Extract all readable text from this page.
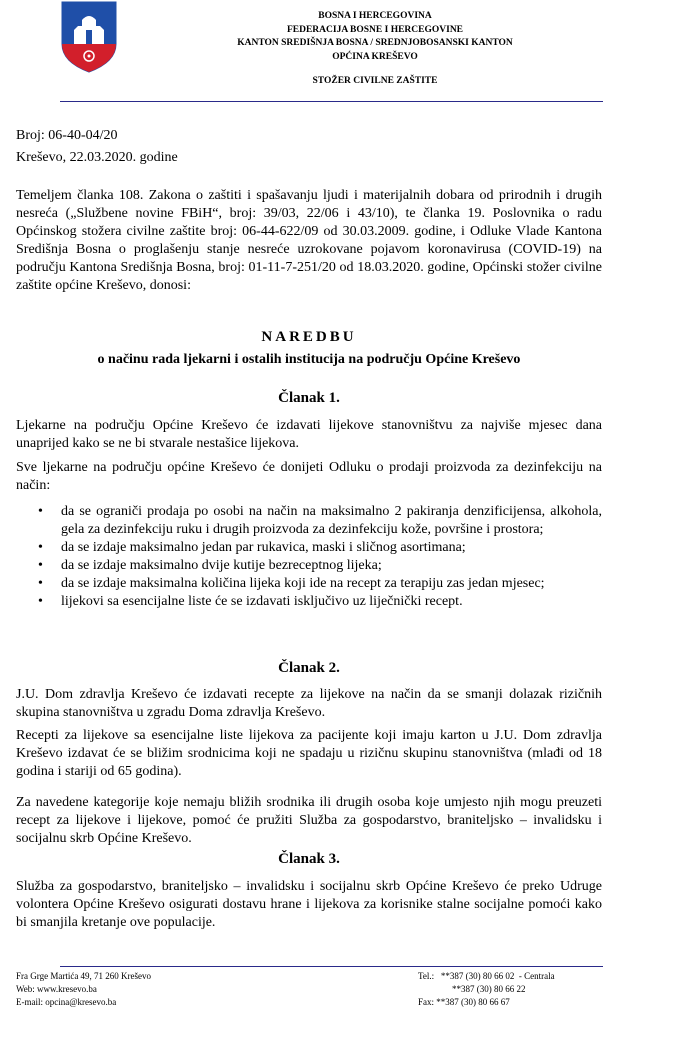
BOSNA I HERCEGOVINA
FEDERACIJA BOSNE I HERCEGOVINE
KANTON SREDIŠNJA BOSNA / SREDNJOBOSANSKI KANTON
OPĆINA KREŠEVO
STOŽER CIVILNE ZAŠTITE
Broj: 06-40-04/20
Kreševo, 22.03.2020. godine
Temeljem članka 108. Zakona o zaštiti i spašavanju ljudi i materijalnih dobara od prirodnih i drugih nesreća („Službene novine FBiH“, broj: 39/03, 22/06 i 43/10), te članka 19. Poslovnika o radu Općinskog stožera civilne zaštite broj: 06-44-622/09 od 30.03.2009. godine, i Odluke Vlade Kantona Središnja Bosna o proglašenju stanje nesreće uzrokovane pojavom koronavirusa (COVID-19) na području Kantona Središnja Bosna, broj: 01-11-7-251/20 od 18.03.2020. godine, Općinski stožer civilne zaštite općine Kreševo, donosi:
NAREDBU
o načinu rada ljekarni i ostalih institucija na području Općine Kreševo
Članak 1.
Ljekarne na području Općine Kreševo će izdavati lijekove stanovništvu za najviše mjesec dana unaprijed kako se ne bi stvarale nestašice lijekova.
Sve ljekarne na području općine Kreševo će donijeti Odluku o prodaji proizvoda za dezinfekciju na način:
• da se ograniči prodaja po osobi na način na maksimalno 2 pakiranja denzificijensa, alkohola, gela za dezinfekciju ruku i drugih proizvoda za dezinfekciju kože, površine i prostora;
• da se izdaje maksimalno jedan par rukavica, maski i sličnog asortimana;
• da se izdaje maksimalno dvije kutije bezreceptnog lijeka;
• da se izdaje maksimalna količina lijeka koji ide na recept za terapiju zas jedan mjesec;
• lijekovi sa esencijalne liste će se izdavati isključivo uz liječnički recept.
Članak 2.
J.U. Dom zdravlja Kreševo će izdavati recepte za lijekove na način da se smanji dolazak rizičnih skupina stanovništva u zgradu Doma zdravlja Kreševo.
Recepti za lijekove sa esencijalne liste lijekova za pacijente koji imaju karton u J.U. Dom zdravlja Kreševo izdavat će se bližim srodnicima koji ne spadaju u rizičnu skupinu stanovništva (mlađi od 18 godina i stariji od 65 godina).
Za navedene kategorije koje nemaju bližih srodnika ili drugih osoba koje umjesto njih mogu preuzeti recept za lijekove i lijekove, pomoć će pružiti Služba za gospodarstvo, braniteljsko – invalidsku i socijalnu skrb Općine Kreševo.
Članak 3.
Služba za gospodarstvo, braniteljsko – invalidsku i socijalnu skrb Općine Kreševo će preko Udruge volontera Općine Kreševo osigurati dostavu hrane i lijekova za korisnike stalne socijalne pomoći kako bi smanjila kretanje ove populacije.
Fra Grge Martića 49, 71 260 Kreševo
Web: www.kresevo.ba
E-mail: opcina@kresevo.ba
Tel.:   **387 (30) 80 66 02  - Centrala
**387 (30) 80 66 22
Fax: **387 (30) 80 66 67
